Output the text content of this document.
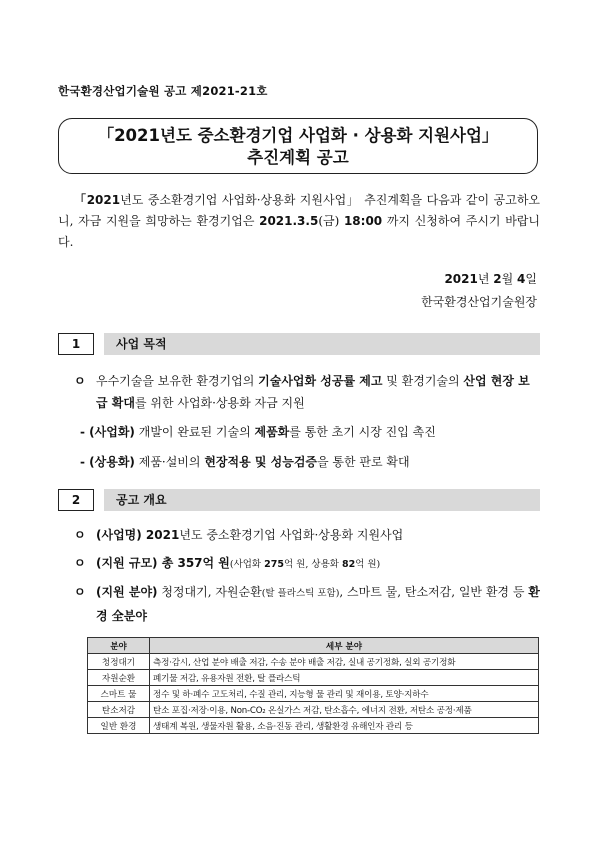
한국환경산업기술원 공고 제2021-21호
「2021년도 중소환경기업 사업화 · 상용화 지원사업」
추진계획 공고
「2021년도 중소환경기업 사업화·상용화 지원사업」 추진계획을 다음과 같이 공고하오니, 자금 지원을 희망하는 환경기업은 2021.3.5(금) 18:00 까지 신청하여 주시기 바랍니다.
2021년 2월 4일
한국환경산업기술원장
1	사업 목적
ㅇ 우수기술을 보유한 환경기업의 기술사업화 성공률 제고 및 환경기술의 산업 현장 보급 확대를 위한 사업화·상용화 자금 지원
- (사업화) 개발이 완료된 기술의 제품화를 통한 초기 시장 진입 촉진
- (상용화) 제품·설비의 현장적용 및 성능검증을 통한 판로 확대
2	공고 개요
ㅇ (사업명) 2021년도 중소환경기업 사업화·상용화 지원사업
ㅇ (지원 규모) 총 357억 원(사업화 275억 원, 상용화 82억 원)
ㅇ (지원 분야) 청정대기, 자원순환(탈 플라스틱 포함), 스마트 물, 탄소저감, 일반 환경 등 환경 全분야
분야	세부 분야
청정대기	측정·감시, 산업 분야 배출 저감, 수송 분야 배출 저감, 실내 공기정화, 실외 공기정화
자원순환	폐기물 저감, 유용자원 전환, 탈 플라스틱
스마트 물	정수 및 하·폐수 고도처리, 수질 관리, 지능형 물 관리 및 재이용, 토양·지하수
탄소저감	탄소 포집·저장·이용, Non-CO₂ 온실가스 저감, 탄소흡수, 에너지 전환, 저탄소 공정·제품
일반 환경	생태계 복원, 생물자원 활용, 소음·진동 관리, 생활환경 유해인자 관리 등
